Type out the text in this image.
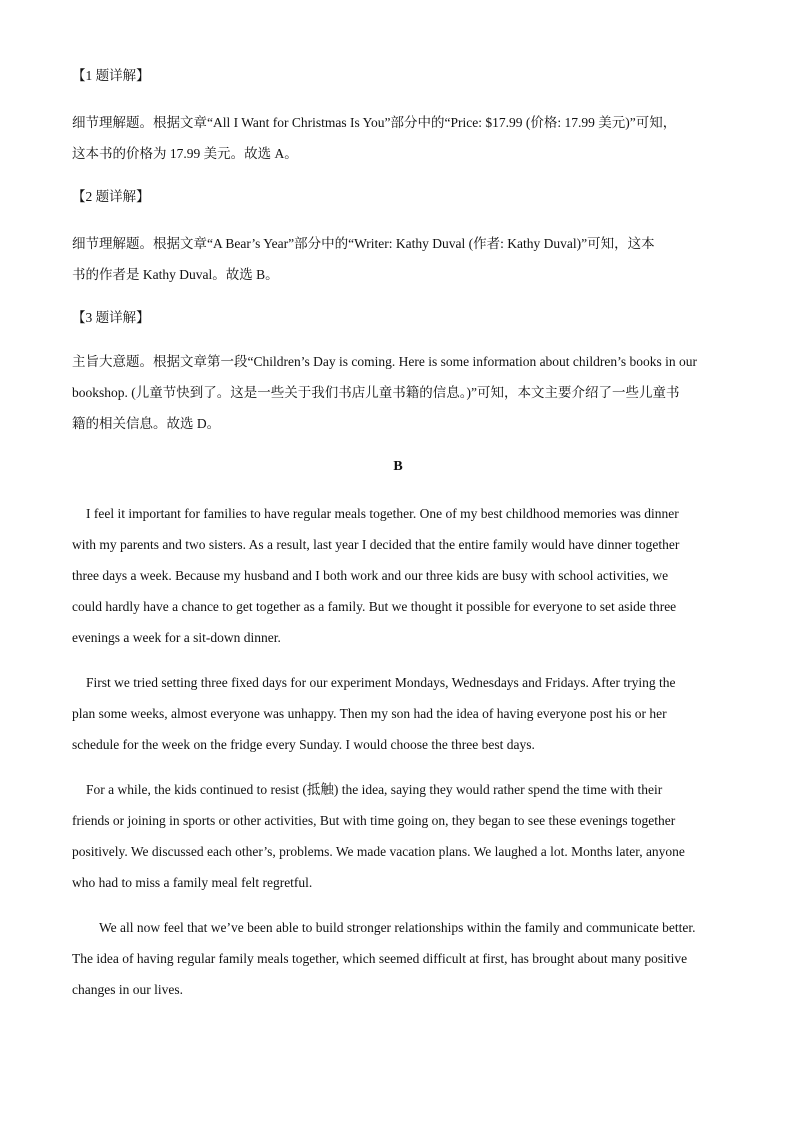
【1 题详解】
细节理解题。根据文章“All I Want for Christmas Is You”部分中的“Price: $17.99 (价格: 17.99 美元)”可知，
这本书的价格为 17.99 美元。故选 A。
【2 题详解】
细节理解题。根据文章“A Bear’s Year”部分中的“Writer: Kathy Duval (作者: Kathy Duval)”可知，这本
书的作者是 Kathy Duval。故选 B。
【3 题详解】
主旨大意题。根据文章第一段“Children’s Day is coming. Here is some information about children’s books in our
bookshop. (儿童节快到了。这是一些关于我们书店儿童书籍的信息。)”可知，本文主要介绍了一些儿童书
籍的相关信息。故选 D。
B
I feel it important for families to have regular meals together. One of my best childhood memories was dinner
with my parents and two sisters. As a result, last year I decided that the entire family would have dinner together
three days a week. Because my husband and I both work and our three kids are busy with school activities, we
could hardly have a chance to get together as a family. But we thought it possible for everyone to set aside three
evenings a week for a sit-down dinner.
First we tried setting three fixed days for our experiment Mondays, Wednesdays and Fridays. After trying the
plan some weeks, almost everyone was unhappy. Then my son had the idea of having everyone post his or her
schedule for the week on the fridge every Sunday. I would choose the three best days.
For a while, the kids continued to resist (抵触) the idea, saying they would rather spend the time with their
friends or joining in sports or other activities, But with time going on, they began to see these evenings together
positively. We discussed each other’s, problems. We made vacation plans. We laughed a lot. Months later, anyone
who had to miss a family meal felt regretful.
We all now feel that we’ve been able to build stronger relationships within the family and communicate better.
The idea of having regular family meals together, which seemed difficult at first, has brought about many positive
changes in our lives.
